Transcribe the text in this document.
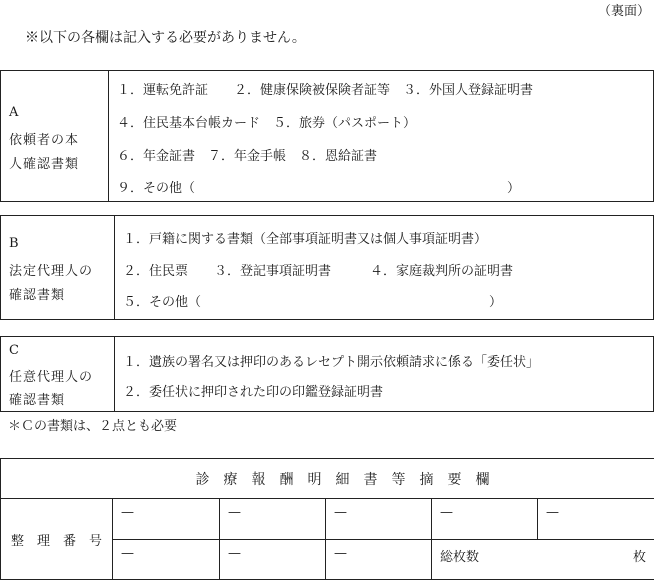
（裏面）
※以下の各欄は記入する必要がありません。
A
依頼者の本
人確認書類
１．運転免許証　　２．健康保険被保険者証等　３．外国人登録証明書
４．住民基本台帳カード　５．旅券（パスポート）
６．年金証書　７．年金手帳　８．恩給証書
９．その他（	）
B
法定代理人の
確認書類
１．戸籍に関する書類（全部事項証明書又は個人事項証明書）
２．住民票　　３．登記事項証明書　　　４．家庭裁判所の証明書
５．その他（	）
C
任意代理人の
確認書類
１．遺族の署名又は押印のあるレセプト開示依頼請求に係る「委任状」
２．委任状に押印された印の印鑑登録証明書
＊Ｃの書類は、２点とも必要
診　療　報　酬　明　細　書　等　摘　要　欄					
整　理　番　号	—	—	—	—	—
	—	—	—	総枚数 枚	
